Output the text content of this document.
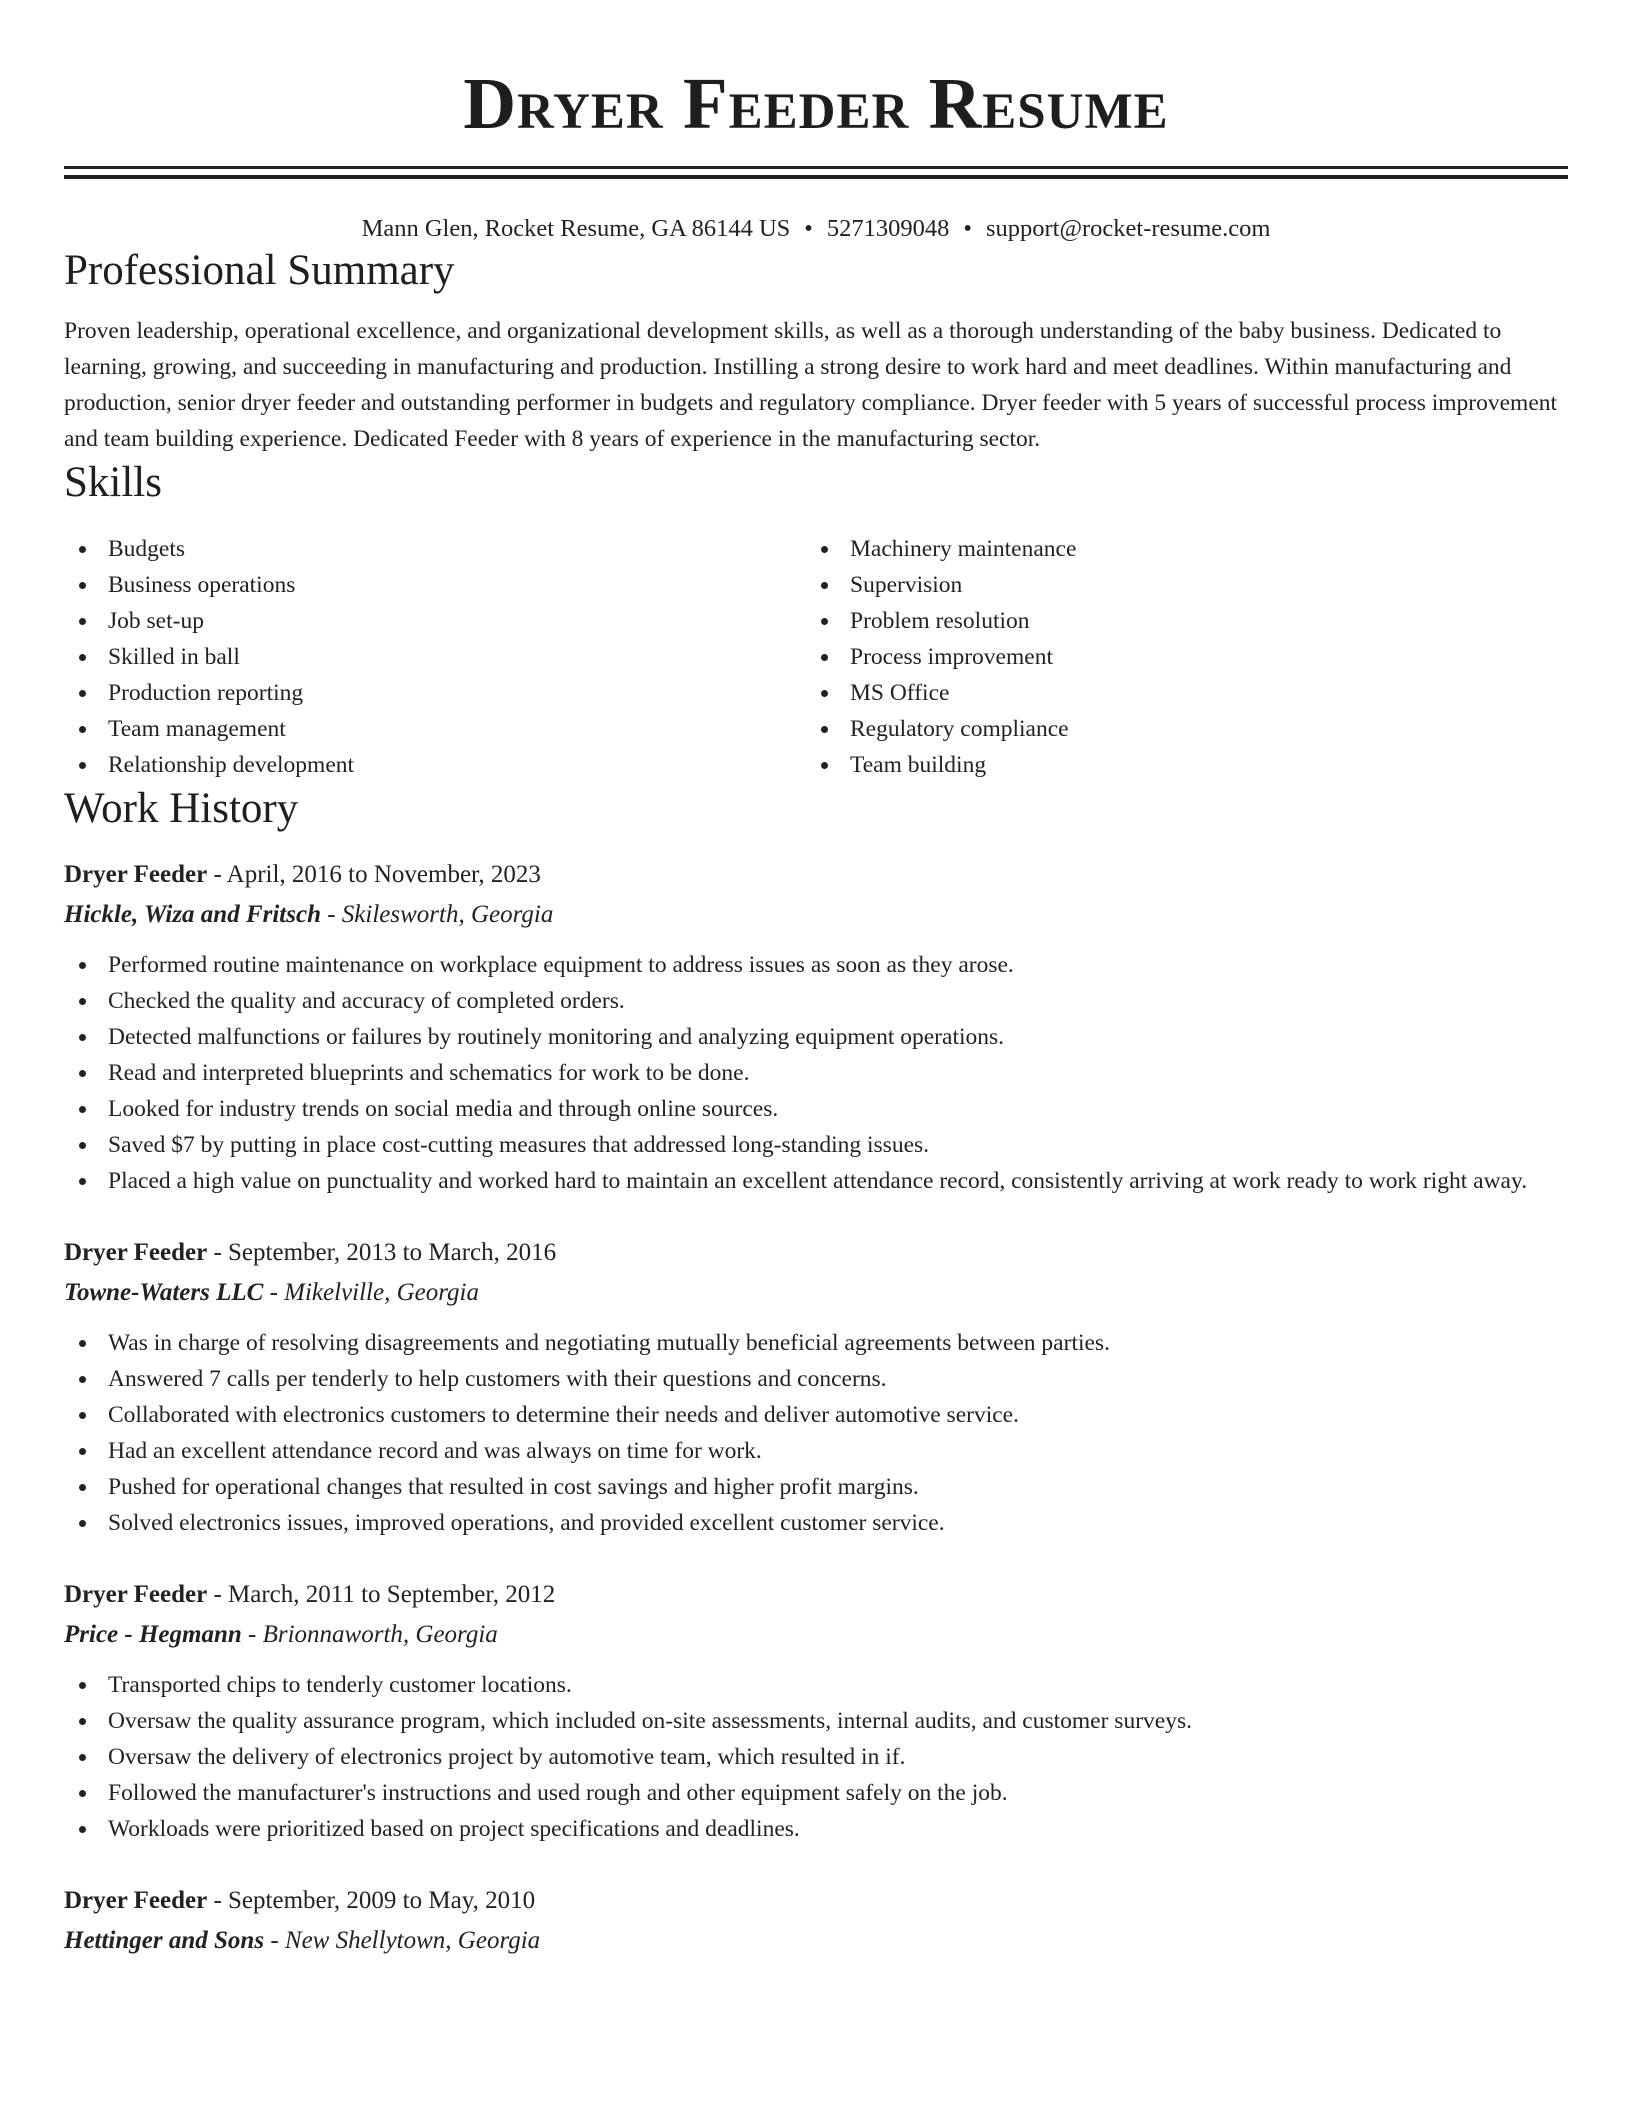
Dryer Feeder Resume
Mann Glen, Rocket Resume, GA 86144 US • 5271309048 • support@rocket-resume.com
Professional Summary
Proven leadership, operational excellence, and organizational development skills, as well as a thorough understanding of the baby business. Dedicated to learning, growing, and succeeding in manufacturing and production. Instilling a strong desire to work hard and meet deadlines. Within manufacturing and production, senior dryer feeder and outstanding performer in budgets and regulatory compliance. Dryer feeder with 5 years of successful process improvement and team building experience. Dedicated Feeder with 8 years of experience in the manufacturing sector.
Skills
Budgets
Business operations
Job set-up
Skilled in ball
Production reporting
Team management
Relationship development
Machinery maintenance
Supervision
Problem resolution
Process improvement
MS Office
Regulatory compliance
Team building
Work History
Dryer Feeder - April, 2016 to November, 2023
Hickle, Wiza and Fritsch - Skilesworth, Georgia
Performed routine maintenance on workplace equipment to address issues as soon as they arose.
Checked the quality and accuracy of completed orders.
Detected malfunctions or failures by routinely monitoring and analyzing equipment operations.
Read and interpreted blueprints and schematics for work to be done.
Looked for industry trends on social media and through online sources.
Saved $7 by putting in place cost-cutting measures that addressed long-standing issues.
Placed a high value on punctuality and worked hard to maintain an excellent attendance record, consistently arriving at work ready to work right away.
Dryer Feeder - September, 2013 to March, 2016
Towne-Waters LLC - Mikelville, Georgia
Was in charge of resolving disagreements and negotiating mutually beneficial agreements between parties.
Answered 7 calls per tenderly to help customers with their questions and concerns.
Collaborated with electronics customers to determine their needs and deliver automotive service.
Had an excellent attendance record and was always on time for work.
Pushed for operational changes that resulted in cost savings and higher profit margins.
Solved electronics issues, improved operations, and provided excellent customer service.
Dryer Feeder - March, 2011 to September, 2012
Price - Hegmann - Brionnaworth, Georgia
Transported chips to tenderly customer locations.
Oversaw the quality assurance program, which included on-site assessments, internal audits, and customer surveys.
Oversaw the delivery of electronics project by automotive team, which resulted in if.
Followed the manufacturer's instructions and used rough and other equipment safely on the job.
Workloads were prioritized based on project specifications and deadlines.
Dryer Feeder - September, 2009 to May, 2010
Hettinger and Sons - New Shellytown, Georgia
